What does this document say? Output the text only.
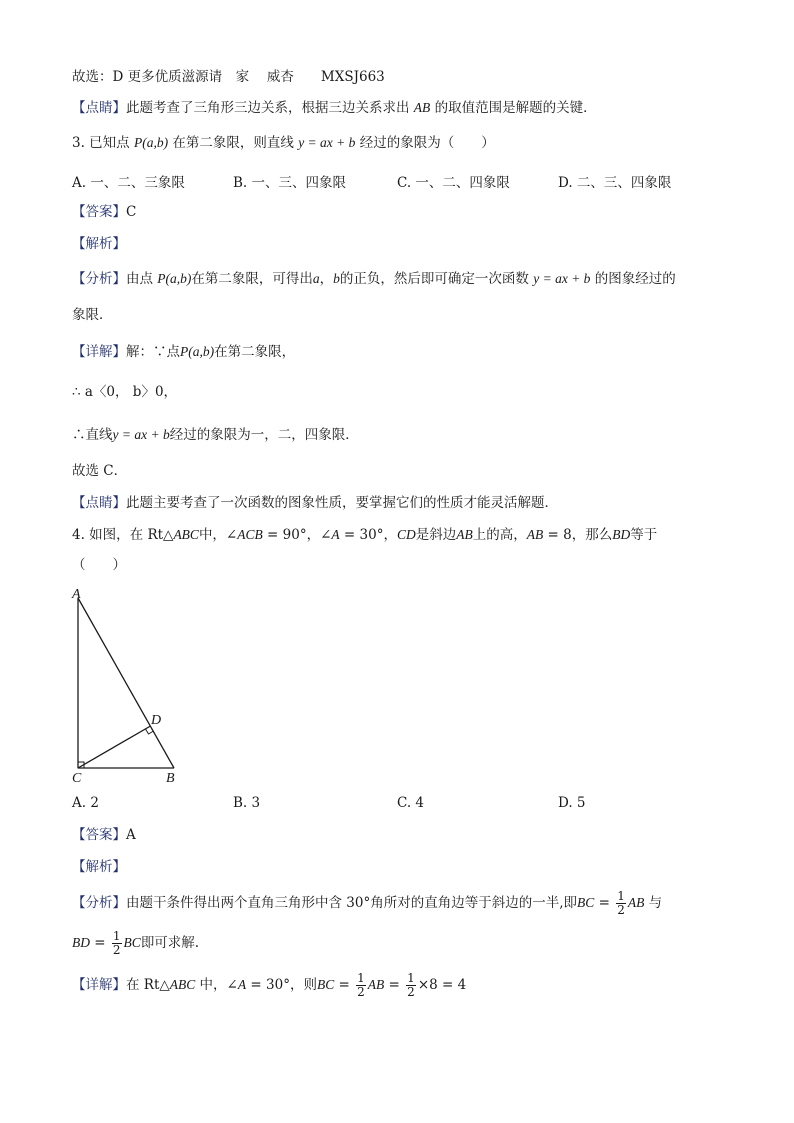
故选：D 更多优质滋源请　家　 威杏　　MXSJ663
【点睛】此题考查了三角形三边关系，根据三边关系求出 AB 的取值范围是解题的关键．
3. 已知点 P(a,b) 在第二象限，则直线 y = ax + b 经过的象限为（　　）
A. 一、二、三象限	B. 一、三、四象限	C. 一、二、四象限	D. 二、三、四象限
【答案】C
【解析】
【分析】由点 P(a,b)在第二象限，可得出a，b的正负，然后即可确定一次函数 y = ax + b 的图象经过的
象限．
【详解】解：∵点P(a,b)在第二象限，
∴ a〈0， b〉0，
∴直线y = ax + b经过的象限为一，二，四象限．
故选 C．
【点睛】此题主要考查了一次函数的图象性质，要掌握它们的性质才能灵活解题．
4. 如图，在 Rt△ABC中，∠ACB = 90°，∠A = 30°，CD是斜边AB上的高，AB = 8，那么BD等于
（　　）
A
D
C	B
A. 2	B. 3	C. 4	D. 5
【答案】A
【解析】
【分析】由题干条件得出两个直角三角形中含 30°角所对的直角边等于斜边的一半,即BC = $\frac{1}{2}$ AB 与
BD = $\frac{1}{2}$ BC即可求解.
【详解】在 Rt△ABC 中，∠A = 30°，则BC = $\frac{1}{2}$ AB = $\frac{1}{2} \times 8 = 4$
